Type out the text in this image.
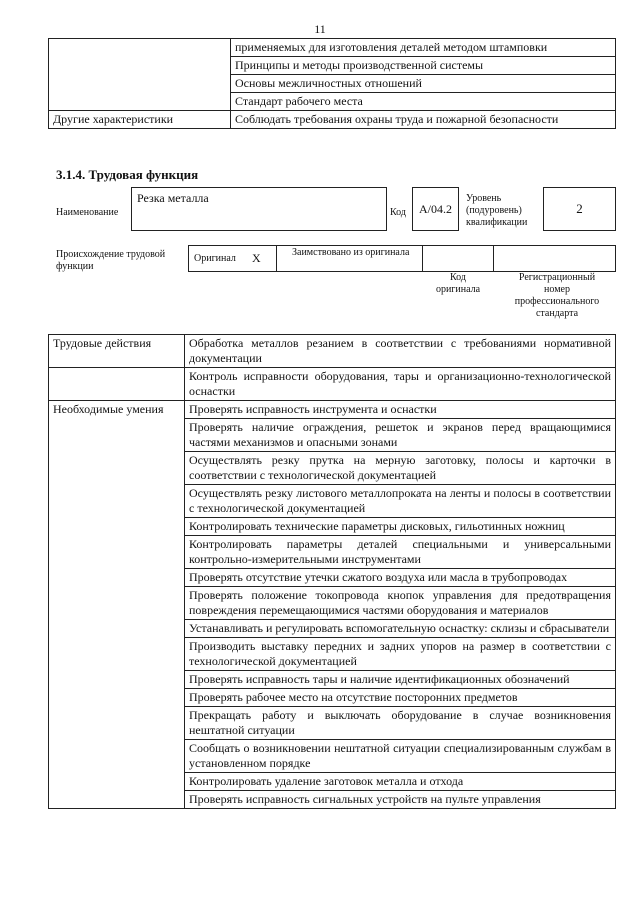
11

	применяемых для изготовления деталей методом штамповки
Принципы и методы производственной системы
Основы межличностных отношений
Стандарт рабочего места

Другие характеристики	Соблюдать требования охраны труда и пожарной безопасности
3.1.4. Трудовая функция
Наименование
Резка металла
Код	A/04.2
Уровень (подуровень) квалификации
2
Происхождение трудовой функции
Оригинал X	Заимствовано из оригинала
Код оригинала
Регистрационный номер профессионального стандарта
Трудовые действия	Обработка металлов резанием в соответствии с требованиями нормативной документации
	Контроль исправности оборудования, тары и организационно-технологической оснастки
Необходимые умения	Проверять исправность инструмента и оснастки
	Проверять наличие ограждения, решеток и экранов перед вращающимися частями механизмов и опасными зонами
	Осуществлять резку прутка на мерную заготовку, полосы и карточки в соответствии с технологической документацией
	Осуществлять резку листового металлопроката на ленты и полосы в соответствии с технологической документацией
	Контролировать технические параметры дисковых, гильотинных ножниц
	Контролировать параметры деталей специальными и универсальными контрольно-измерительными инструментами
	Проверять отсутствие утечки сжатого воздуха или масла в трубопроводах
	Проверять положение токопровода кнопок управления для предотвращения повреждения перемещающимися частями оборудования и материалов
	Устанавливать и регулировать вспомогательную оснастку: склизы и сбрасыватели
	Производить выставку передних и задних упоров на размер в соответствии с технологической документацией
	Проверять исправность тары и наличие идентификационных обозначений
	Проверять рабочее место на отсутствие посторонних предметов
	Прекращать работу и выключать оборудование в случае возникновения нештатной ситуации
	Сообщать о возникновении нештатной ситуации специализированным службам в установленном порядке
	Контролировать удаление заготовок металла и отхода
	Проверять исправность сигнальных устройств на пульте управления
